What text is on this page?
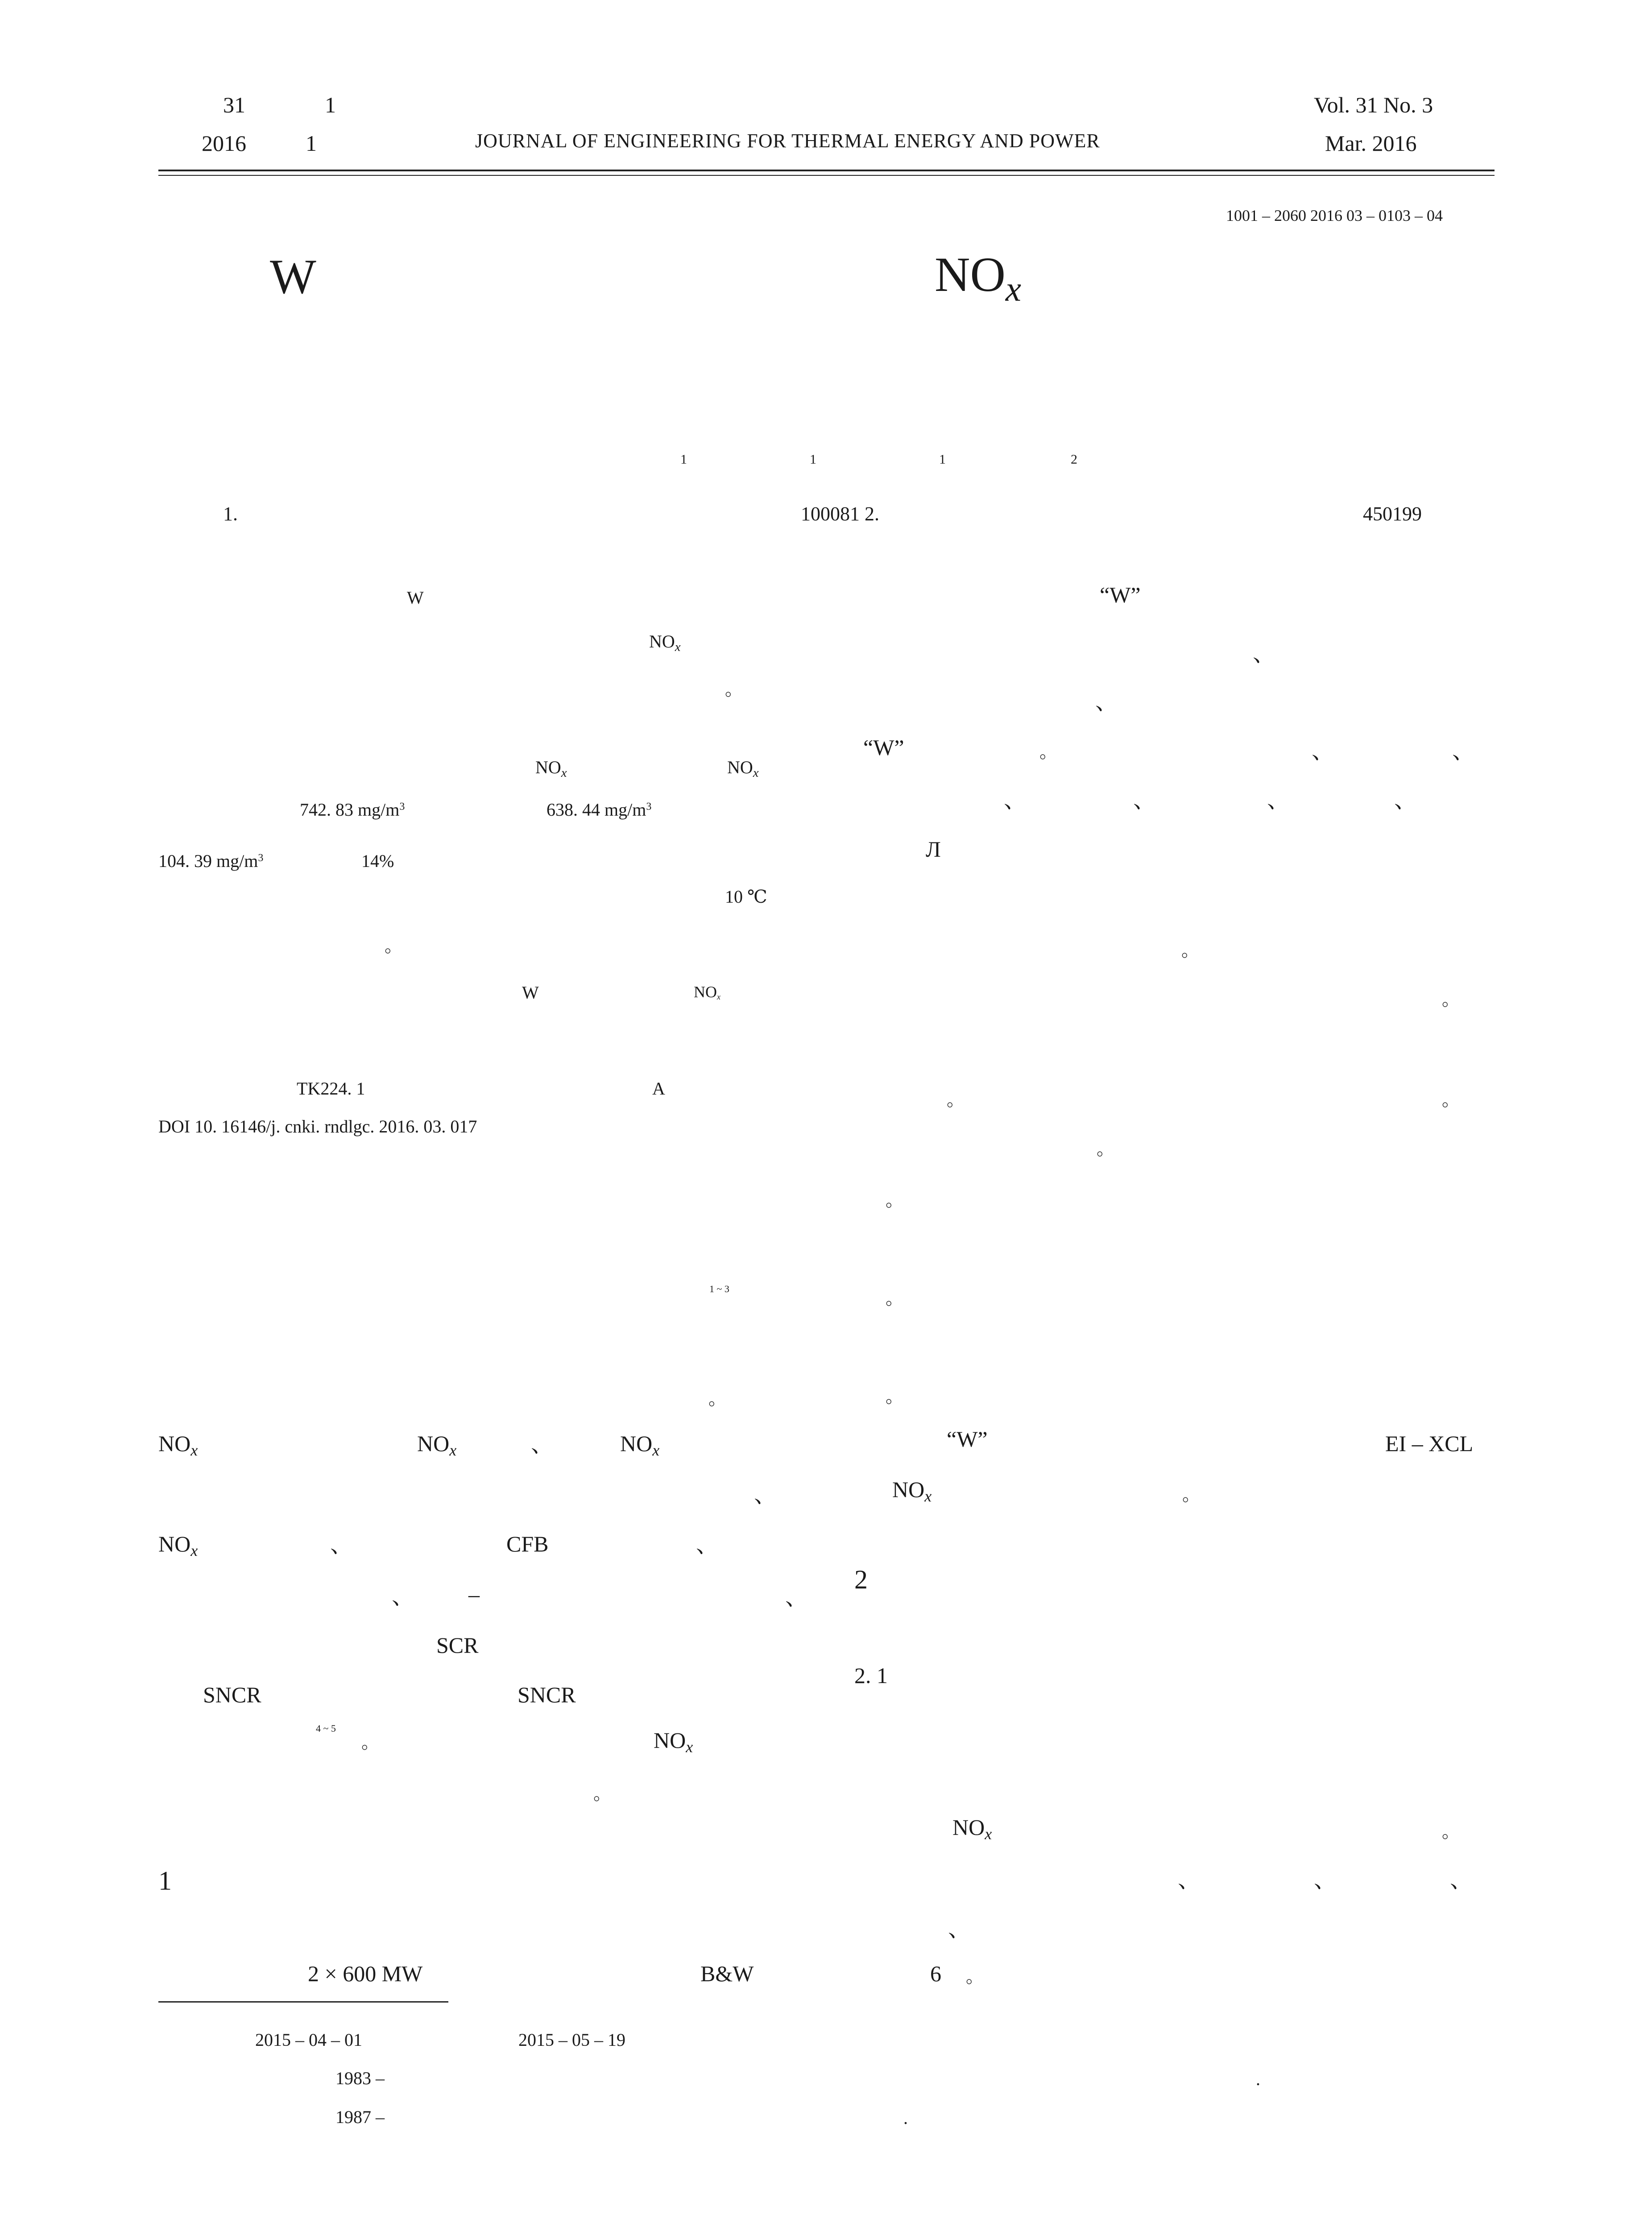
31	1
2016	1	JOURNAL OF ENGINEERING FOR THERMAL ENERGY AND POWER
Vol. 31 No. 3
Mar. 2016
1001 – 2060 2016 03 – 0103 – 04
W	$NO_x$
1	1	1	2
1.	100081 2.	450199
W
$NO_x$
。
$NO_x$	$NO_x$
742. 83 $mg/m^3$	638. 44 $mg/m^3$
104. 39 $mg/m^3$	14%
10 ℃
。
W	NOx
TK224. 1	A
DOI 10. 16146/j. cnki. rndlgc. 2016. 03. 017
1 ~ 3
。
$NO_x$	$NO_x$	、	$NO_x$
$NO_x$	、	CFB	、
、 –
SCR
SNCR	SNCR
4 ~ 5
。	$NO_x$
。
1
2 × 600 MW	B&W	6 。
“W”
、
、
“W”	。	、	、
、	、	、	、
Л
。
。
。	。
。
。
。
。
“W”	EI – XCL
、	$NO_x$	。
2
、
2. 1
$NO_x$	。
、	、	、
、
2015 – 04 – 01	2015 – 05 – 19
1983 –	.
1987 –	.
